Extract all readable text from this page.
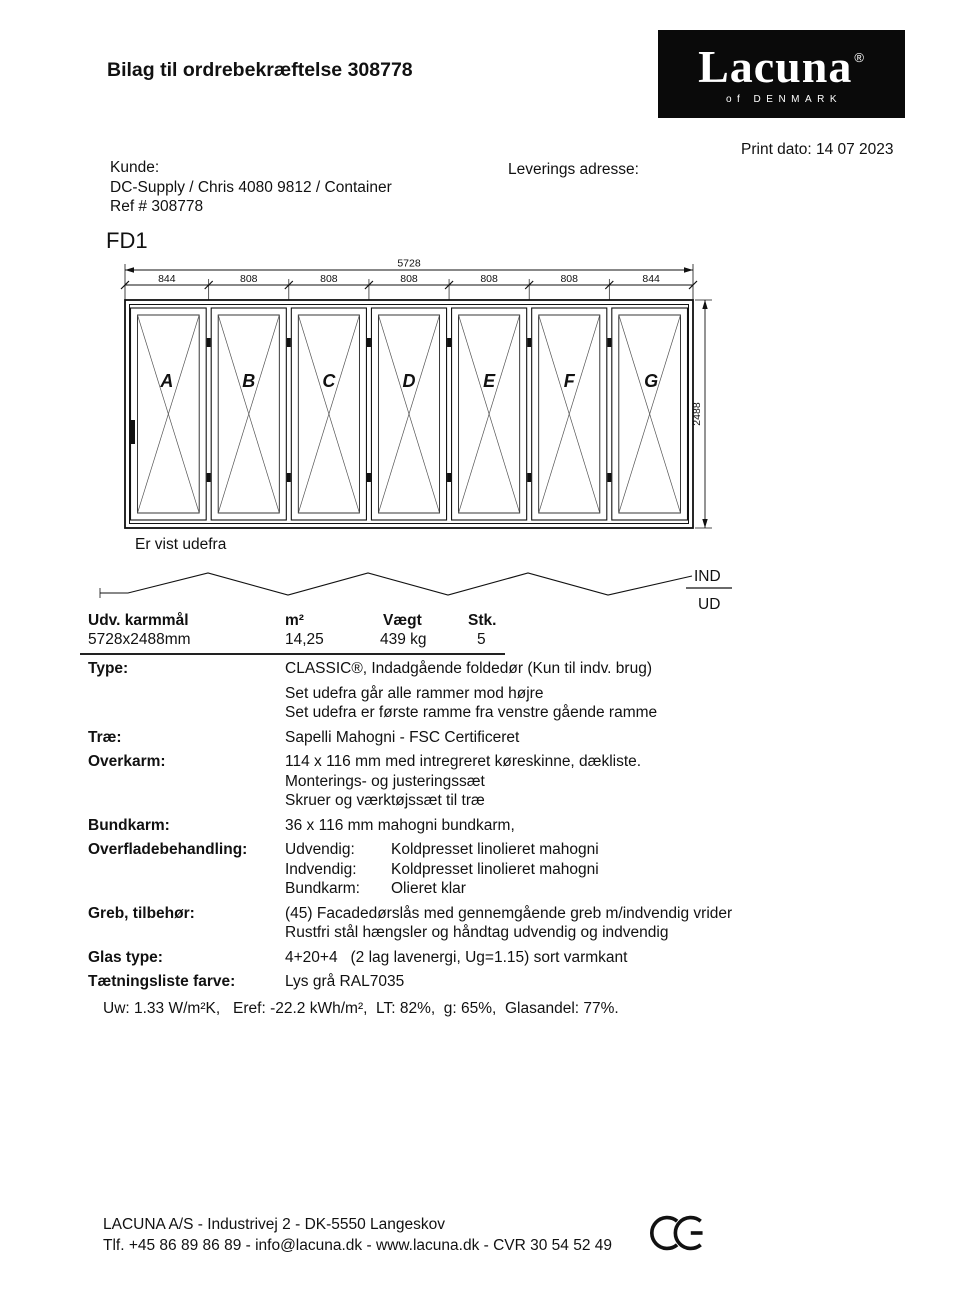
Bilag til ordrebekræftelse 308778	Lacuna ®
of DENMARK
Print dato: 14 07 2023
Kunde:
DC-Supply / Chris 4080 9812 / Container
Ref # 308778
Leverings adresse:
FD1
5728
844	808	808	808	808	808	844
2488
A	B	C	D	E	F	G
Er vist udefra
IND
UD
Udv. karmmål	m²	Vægt	Stk.
5728x2488mm	14,25	439 kg	5
Type:	CLASSIC®, Indadgående foldedør (Kun til indv. brug)
Set udefra går alle rammer mod højre
Set udefra er første ramme fra venstre gående ramme
Træ:	Sapelli Mahogni - FSC Certificeret
Overkarm:	114 x 116 mm med intregreret køreskinne, dækliste.
Monterings- og justeringssæt
Skruer og værktøjssæt til træ
Bundkarm:	36 x 116 mm mahogni bundkarm,
Overfladebehandling:	Udvendig:	Koldpresset linolieret mahogni
Indvendig:	Koldpresset linolieret mahogni
Bundkarm:	Olieret klar
Greb, tilbehør:	(45) Facadedørslås med gennemgående greb m/indvendig vrider
Rustfri stål hængsler og håndtag udvendig og indvendig
Glas type:	4+20+4   (2 lag lavenergi, Ug=1.15) sort varmkant
Tætningsliste farve:	Lys grå RAL7035
Uw: 1.33 W/m²K,   Eref: -22.2 kWh/m²,  LT: 82%,  g: 65%,  Glasandel: 77%.
LACUNA A/S - Industrivej 2 - DK-5550 Langeskov
Tlf. +45 86 89 86 89 - info@lacuna.dk - www.lacuna.dk - CVR 30 54 52 49
